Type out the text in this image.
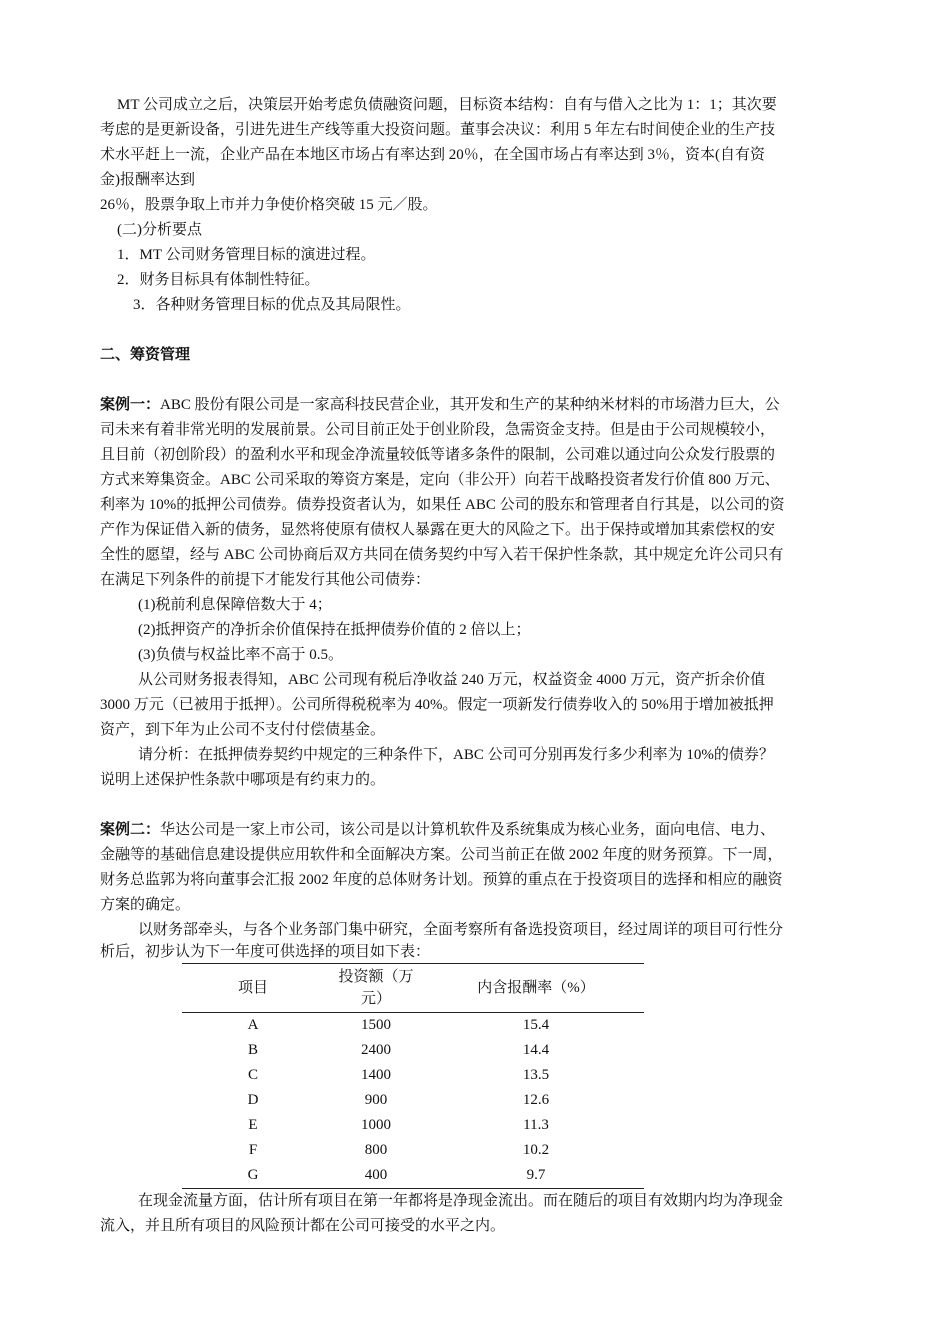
MT 公司成立之后，决策层开始考虑负债融资问题，目标资本结构：自有与借入之比为 1：1；其次要
考虑的是更新设备，引进先进生产线等重大投资问题。董事会决议：利用 5 年左右时间使企业的生产技
术水平赶上一流，企业产品在本地区市场占有率达到 20％，在全国市场占有率达到 3％，资本(自有资
金)报酬率达到
26％，股票争取上市并力争使价格突破 15 元／股。
(二)分析要点
1．MT 公司财务管理目标的演进过程。
2．财务目标具有体制性特征。
3．各种财务管理目标的优点及其局限性。
二、筹资管理
案例一：ABC 股份有限公司是一家高科技民营企业，其开发和生产的某种纳米材料的市场潜力巨大，公
司未来有着非常光明的发展前景。公司目前正处于创业阶段，急需资金支持。但是由于公司规模较小，
且目前（初创阶段）的盈利水平和现金净流量较低等诸多条件的限制，公司难以通过向公众发行股票的
方式来筹集资金。ABC 公司采取的筹资方案是，定向（非公开）向若干战略投资者发行价值 800 万元、
利率为 10%的抵押公司债券。债券投资者认为，如果任 ABC 公司的股东和管理者自行其是，以公司的资
产作为保证借入新的债务，显然将使原有债权人暴露在更大的风险之下。出于保持或增加其索偿权的安
全性的愿望，经与 ABC 公司协商后双方共同在债务契约中写入若干保护性条款，其中规定允许公司只有
在满足下列条件的前提下才能发行其他公司债券：
(1)税前利息保障倍数大于 4；
(2)抵押资产的净折余价值保持在抵押债券价值的 2 倍以上；
(3)负债与权益比率不高于 0.5。
从公司财务报表得知，ABC 公司现有税后净收益 240 万元，权益资金 4000 万元，资产折余价值
3000 万元（已被用于抵押）。公司所得税税率为 40%。假定一项新发行债券收入的 50%用于增加被抵押
资产，到下年为止公司不支付付偿债基金。
请分析：在抵押债券契约中规定的三种条件下，ABC 公司可分别再发行多少利率为 10%的债券？
说明上述保护性条款中哪项是有约束力的。
案例二：华达公司是一家上市公司，该公司是以计算机软件及系统集成为核心业务，面向电信、电力、
金融等的基础信息建设提供应用软件和全面解决方案。公司当前正在做 2002 年度的财务预算。下一周，
财务总监郭为将向董事会汇报 2002 年度的总体财务计划。预算的重点在于投资项目的选择和相应的融资
方案的确定。
以财务部牵头，与各个业务部门集中研究，全面考察所有备选投资项目，经过周详的项目可行性分
析后，初步认为下一年度可供选择的项目如下表：
项目	投资额（万
元）	内含报酬率（%）
A	1500	15.4
B	2400	14.4
C	1400	13.5
D	900	12.6
E	1000	11.3
F	800	10.2
G	400	9.7
在现金流量方面，估计所有项目在第一年都将是净现金流出。而在随后的项目有效期内均为净现金
流入，并且所有项目的风险预计都在公司可接受的水平之内。
